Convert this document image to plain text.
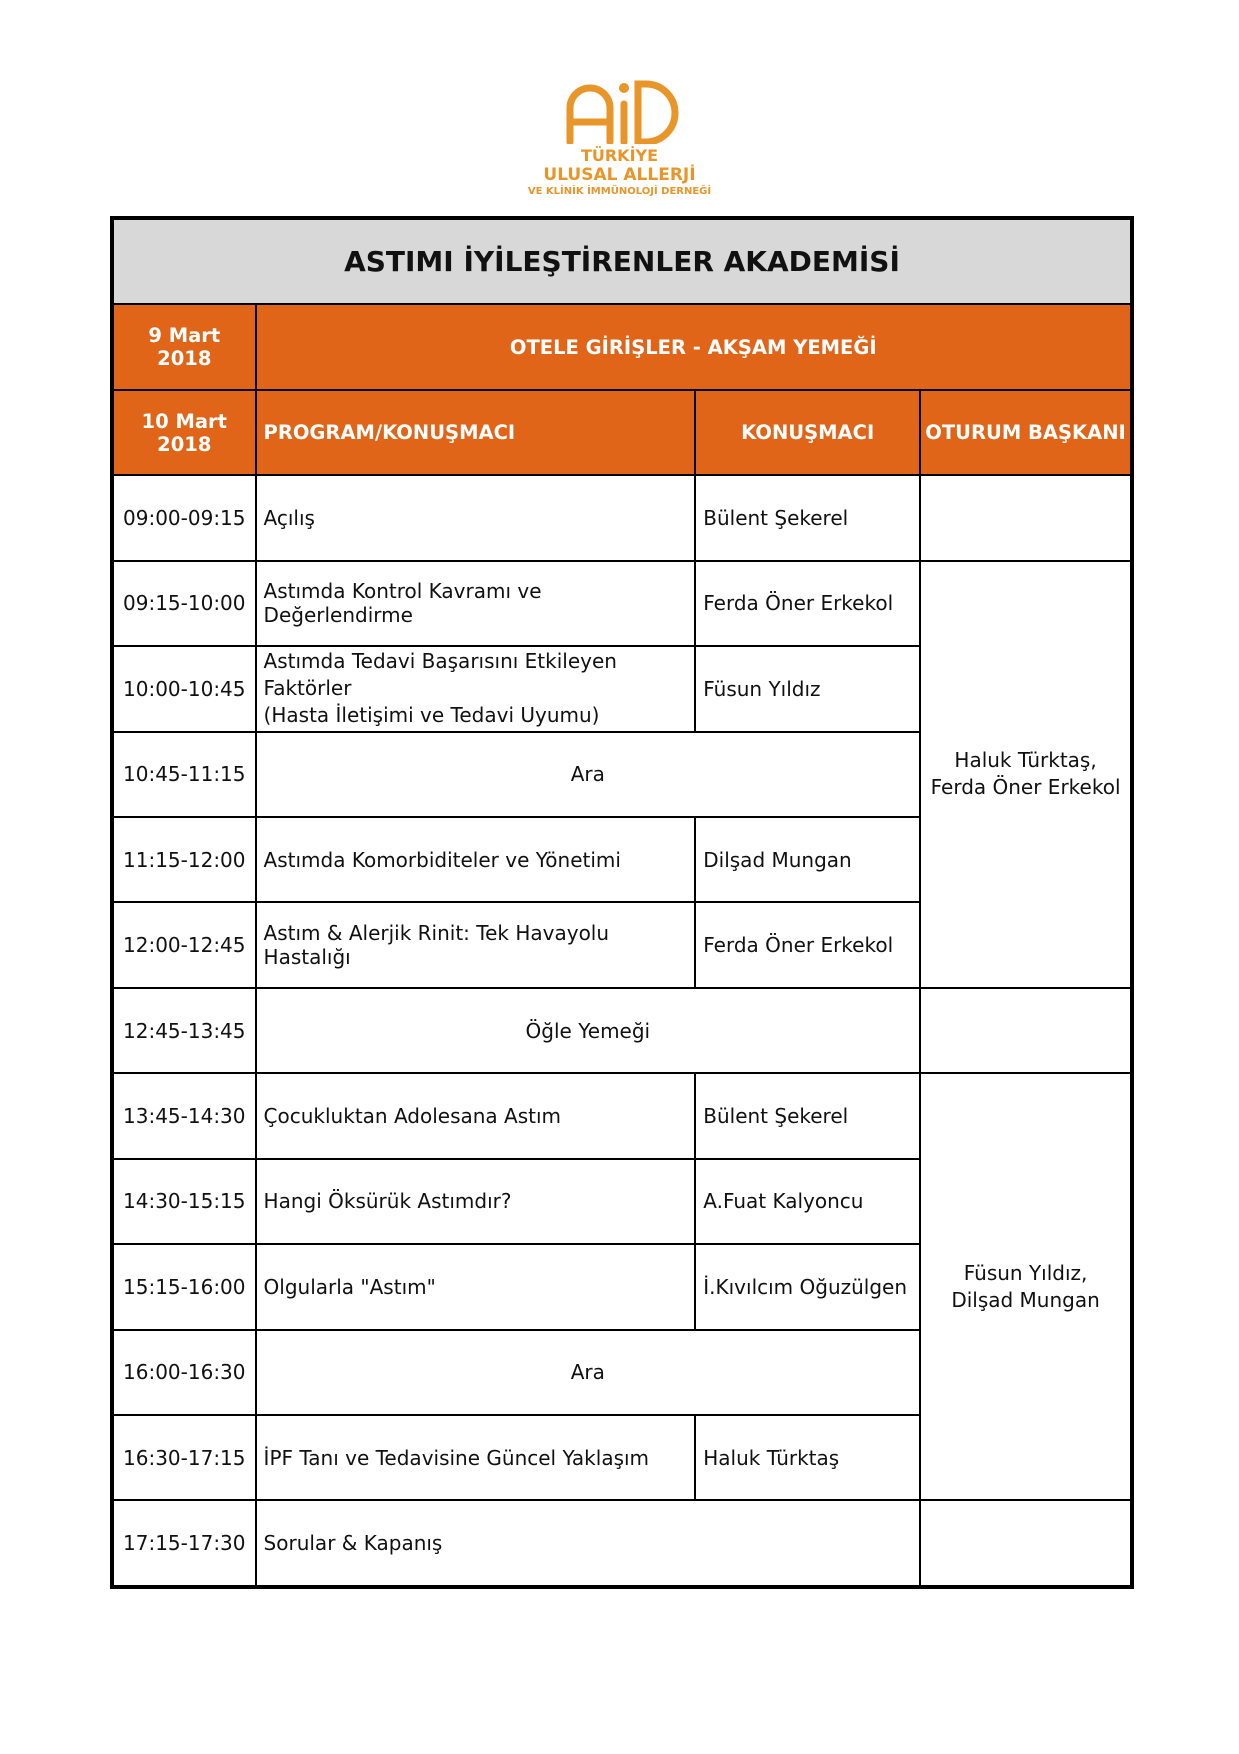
TÜRKİYE
ULUSAL ALLERJİ
VE KLİNİK İMMÜNOLOJİ DERNEĞİ
ASTIMI İYİLEŞTİRENLER AKADEMİSİ			
9 Mart 2018	OTELE GİRİŞLER - AKŞAM YEMEĞİ		
10 Mart 2018	PROGRAM/KONUŞMACI	KONUŞMACI	OTURUM BAŞKANI
09:00-09:15	Açılış	Bülent Şekerel	
09:15-10:00	Astımda Kontrol Kavramı ve Değerlendirme	Ferda Öner Erkekol	Haluk Türktaş,
Ferda Öner Erkekol

10:00-10:45	Astımda Tedavi Başarısını Etkileyen Faktörler
(Hasta İletişimi ve Tedavi Uyumu)	Füsun Yıldız	
10:45-11:15	Ara		
11:15-12:00	Astımda Komorbiditeler ve Yönetimi	Dilşad Mungan	
12:00-12:45	Astım & Alerjik Rinit: Tek Havayolu Hastalığı	Ferda Öner Erkekol	
12:45-13:45	Öğle Yemeği		
13:45-14:30	Çocukluktan Adolesana Astım	Bülent Şekerel	Füsun Yıldız,
Dilşad Mungan

14:30-15:15	Hangi Öksürük Astımdır?	A.Fuat Kalyoncu	
15:15-16:00	Olgularla "Astım"	İ.Kıvılcım Oğuzülgen	
16:00-16:30	Ara		
16:30-17:15	İPF Tanı ve Tedavisine Güncel Yaklaşım	Haluk Türktaş	
17:15-17:30	Sorular & Kapanış		
